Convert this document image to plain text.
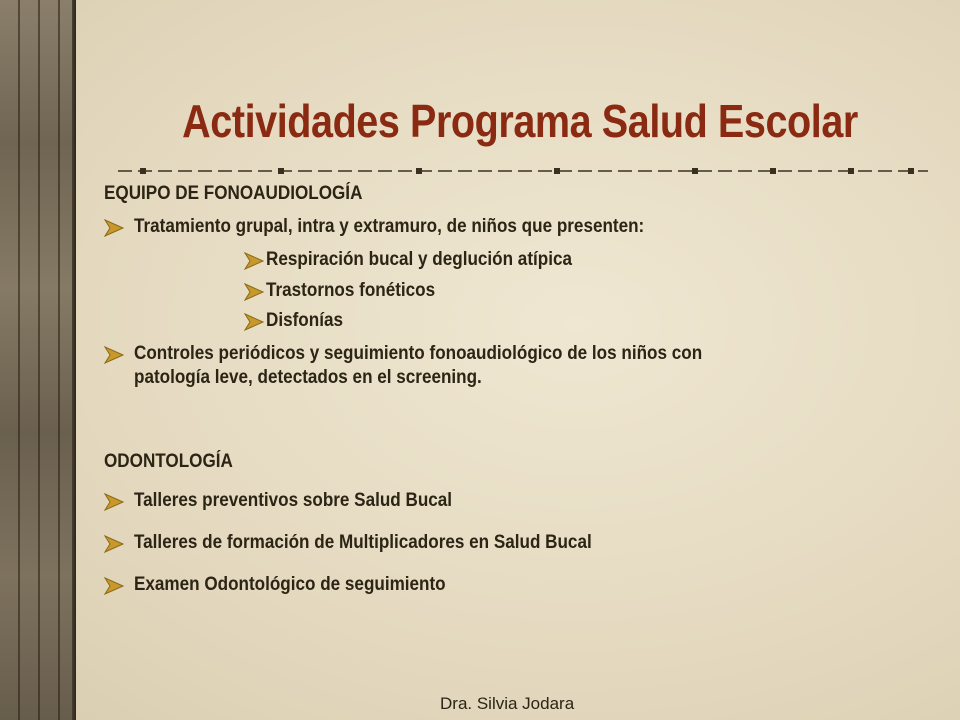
Actividades Programa Salud Escolar
EQUIPO DE FONOAUDIOLOGÍA
Tratamiento grupal, intra y extramuro, de niños que presenten:
Respiración bucal y deglución atípica
Trastornos fonéticos
Disfonías
Controles periódicos y seguimiento fonoaudiológico de los niños con
patología leve, detectados en el screening.
ODONTOLOGÍA
Talleres preventivos sobre Salud Bucal
Talleres de formación de Multiplicadores en Salud Bucal
Examen Odontológico de seguimiento
Dra. Silvia Jodara
